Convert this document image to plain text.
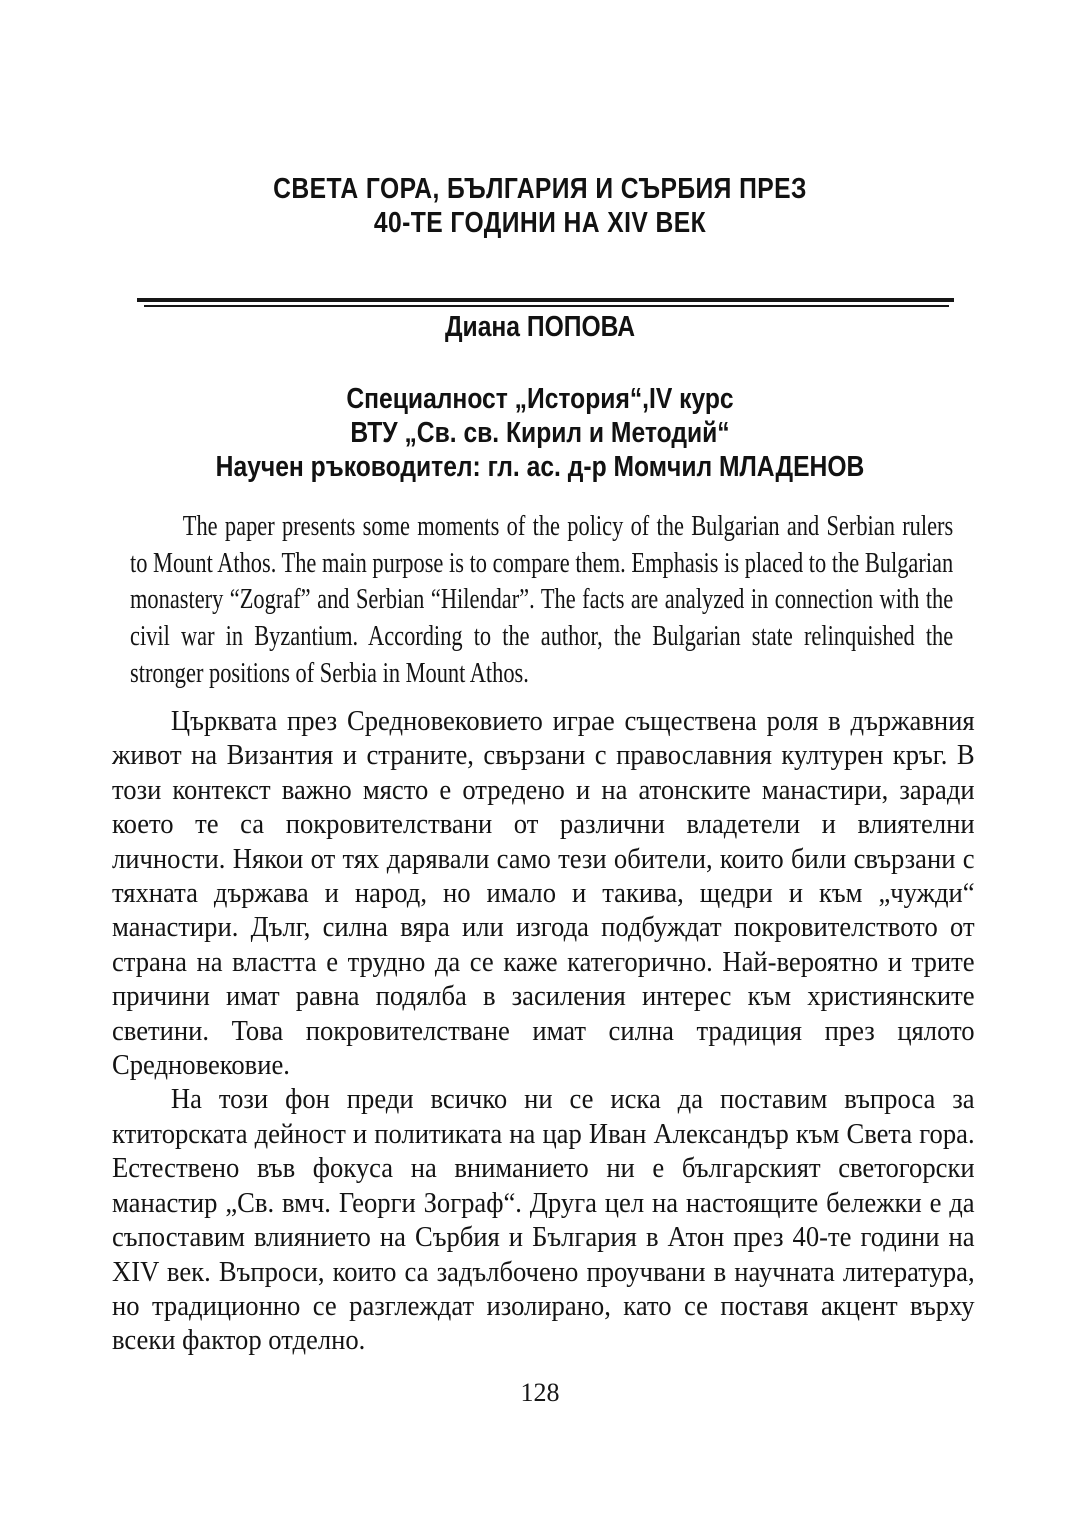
СВЕТА ГОРА, БЪЛГАРИЯ И СЪРБИЯ ПРЕЗ
40-ТЕ ГОДИНИ НА XIV ВЕК
Диана ПОПОВА
Специалност „История“,IV курс
ВТУ „Св. св. Кирил и Методий“
Научен ръководител: гл. ас. д-р Момчил МЛАДЕНОВ

The paper presents some moments of the policy of the Bulgarian and Serbian rulers to Mount Athos. The main purpose is to compare them. Emphasis is placed to the Bulgarian monastery “Zograf” and Serbian “Hilendar”. The facts are analyzed in connection with the civil war in Byzantium. According to the author, the Bulgarian state relinquished the stronger positions of Serbia in Mount Athos.

Църквата през Средновековието играе съществена роля в държавния живот на Византия и страните, свързани с православния културен кръг. В този контекст важно място е отредено и на атонските манастири, заради което те са покровителствани от различни владетели и влиятелни личности. Някои от тях дарявали само тези обители, които били свързани с тяхната държава и народ, но имало и такива, щедри и към „чужди“ манастири. Дълг, силна вяра или изгода подбуждат покровителството от страна на властта е трудно да се каже категорично. Най-вероятно и трите причини имат равна подялба в засиления интерес към християнските светини. Това покровителстване имат силна традиция през цялото Средновековие.

На този фон преди всичко ни се иска да поставим въпроса за ктиторската дейност и политиката на цар Иван Александър към Света гора. Естествено във фокуса на вниманието ни е българският светогорски манастир „Св. вмч. Георги Зограф“. Друга цел на настоящите бележки е да съпоставим влиянието на Сърбия и България в Атон през 40-те години на XIV век. Въпроси, които са задълбочено проучвани в научната литература, но традиционно се разглеждат изолирано, като се поставя акцент върху всеки фактор отделно.

128
